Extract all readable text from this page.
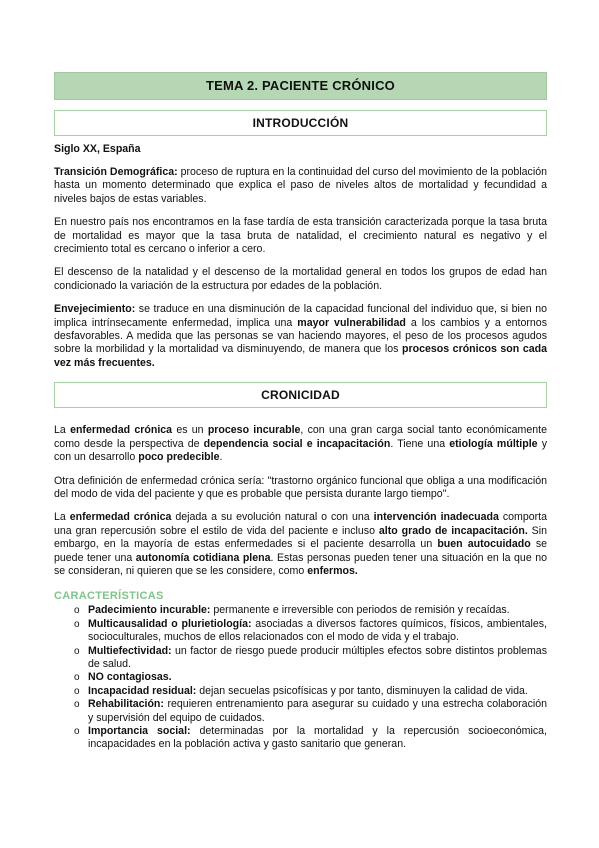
TEMA 2. PACIENTE CRÓNICO
INTRODUCCIÓN
Siglo XX, España

Transición Demográfica: proceso de ruptura en la continuidad del curso del movimiento de la población hasta un momento determinado que explica el paso de niveles altos de mortalidad y fecundidad a niveles bajos de estas variables.

En nuestro país nos encontramos en la fase tardía de esta transición caracterizada porque la tasa bruta de mortalidad es mayor que la tasa bruta de natalidad, el crecimiento natural es negativo y el crecimiento total es cercano o inferior a cero.

El descenso de la natalidad y el descenso de la mortalidad general en todos los grupos de edad han condicionado la variación de la estructura por edades de la población.

Envejecimiento: se traduce en una disminución de la capacidad funcional del individuo que, si bien no implica intrínsecamente enfermedad, implica una mayor vulnerabilidad a los cambios y a entornos desfavorables. A medida que las personas se van haciendo mayores, el peso de los procesos agudos sobre la morbilidad y la mortalidad va disminuyendo, de manera que los procesos crónicos son cada vez más frecuentes.

CRONICIDAD

La enfermedad crónica es un proceso incurable, con una gran carga social tanto económicamente como desde la perspectiva de dependencia social e incapacitación. Tiene una etiología múltiple y con un desarrollo poco predecible.

Otra definición de enfermedad crónica sería: "trastorno orgánico funcional que obliga a una modificación del modo de vida del paciente y que es probable que persista durante largo tiempo".

La enfermedad crónica dejada a su evolución natural o con una intervención inadecuada comporta una gran repercusión sobre el estilo de vida del paciente e incluso alto grado de incapacitación. Sin embargo, en la mayoría de estas enfermedades si el paciente desarrolla un buen autocuidado se puede tener una autonomía cotidiana plena. Estas personas pueden tener una situación en la que no se consideran, ni quieren que se les considere, como enfermos.

CARACTERÍSTICAS
o Padecimiento incurable: permanente e irreversible con periodos de remisión y recaídas.
o Multicausalidad o plurietiología: asociadas a diversos factores químicos, físicos, ambientales, socioculturales, muchos de ellos relacionados con el modo de vida y el trabajo.
o Multiefectividad: un factor de riesgo puede producir múltiples efectos sobre distintos problemas de salud.
o NO contagiosas.
o Incapacidad residual: dejan secuelas psicofísicas y por tanto, disminuyen la calidad de vida.
o Rehabilitación: requieren entrenamiento para asegurar su cuidado y una estrecha colaboración y supervisión del equipo de cuidados.
o Importancia social: determinadas por la mortalidad y la repercusión socioeconómica, incapacidades en la población activa y gasto sanitario que generan.
